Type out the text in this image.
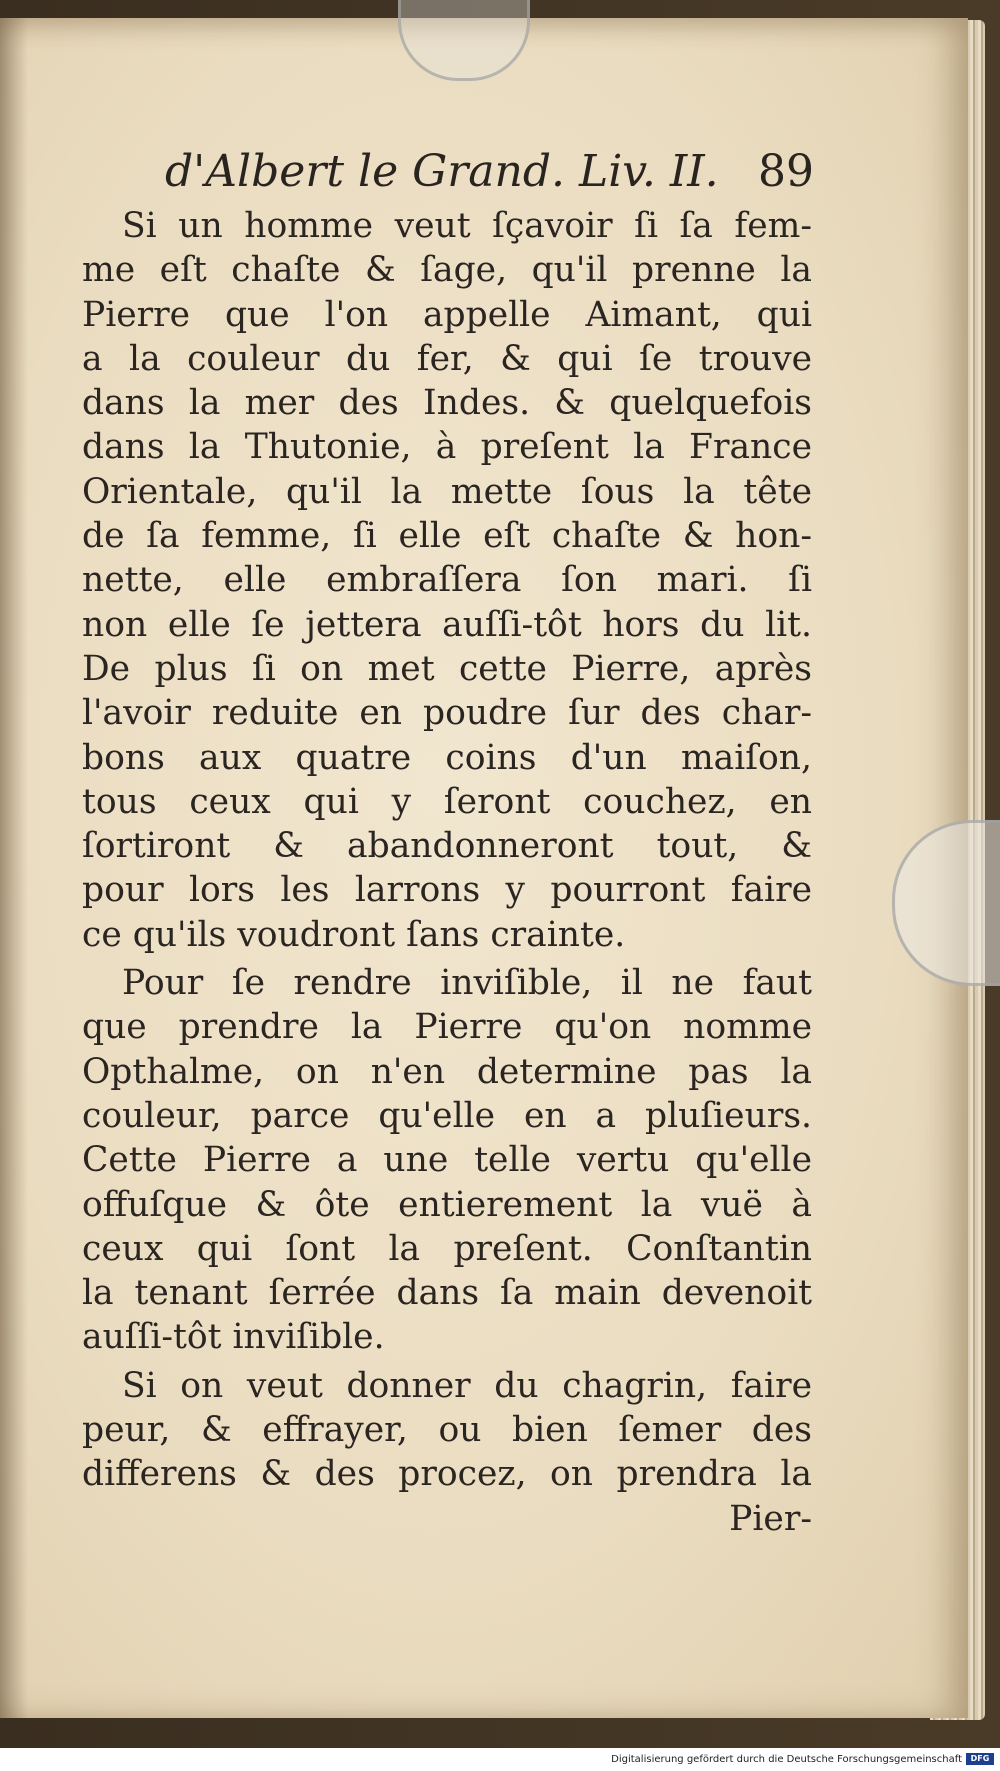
d'Albert le Grand. Liv. II. 89
Si un homme veut ſçavoir ſi ſa fem-
me eſt chaſte & ſage, qu'il prenne la
Pierre que l'on appelle Aimant, qui
a la couleur du fer, & qui ſe trouve
dans la mer des Indes. & quelquefois
dans la Thutonie, à preſent la France
Orientale, qu'il la mette ſous la tête
de ſa femme, ſi elle eſt chaſte & hon-
nette, elle embraſſera ſon mari. ſi
non elle ſe jettera auſſi-tôt hors du lit.
De plus ſi on met cette Pierre, après
l'avoir reduite en poudre ſur des char-
bons aux quatre coins d'un maiſon,
tous ceux qui y ſeront couchez, en
ſortiront & abandonneront tout, &
pour lors les larrons y pourront faire
ce qu'ils voudront ſans crainte.
Pour ſe rendre inviſible, il ne faut
que prendre la Pierre qu'on nomme
Opthalme, on n'en determine pas la
couleur, parce qu'elle en a pluſieurs.
Cette Pierre a une telle vertu qu'elle
offuſque & ôte entierement la vuë à
ceux qui ſont la preſent. Conſtantin
la tenant ſerrée dans ſa main devenoit
auſſi-tôt inviſible.
Si on veut donner du chagrin, faire
peur, & effrayer, ou bien ſemer des
differens & des procez, on prendra la
Pier-
Digitalisierung gefördert durch die Deutsche Forschungsgemeinschaft	DFG
